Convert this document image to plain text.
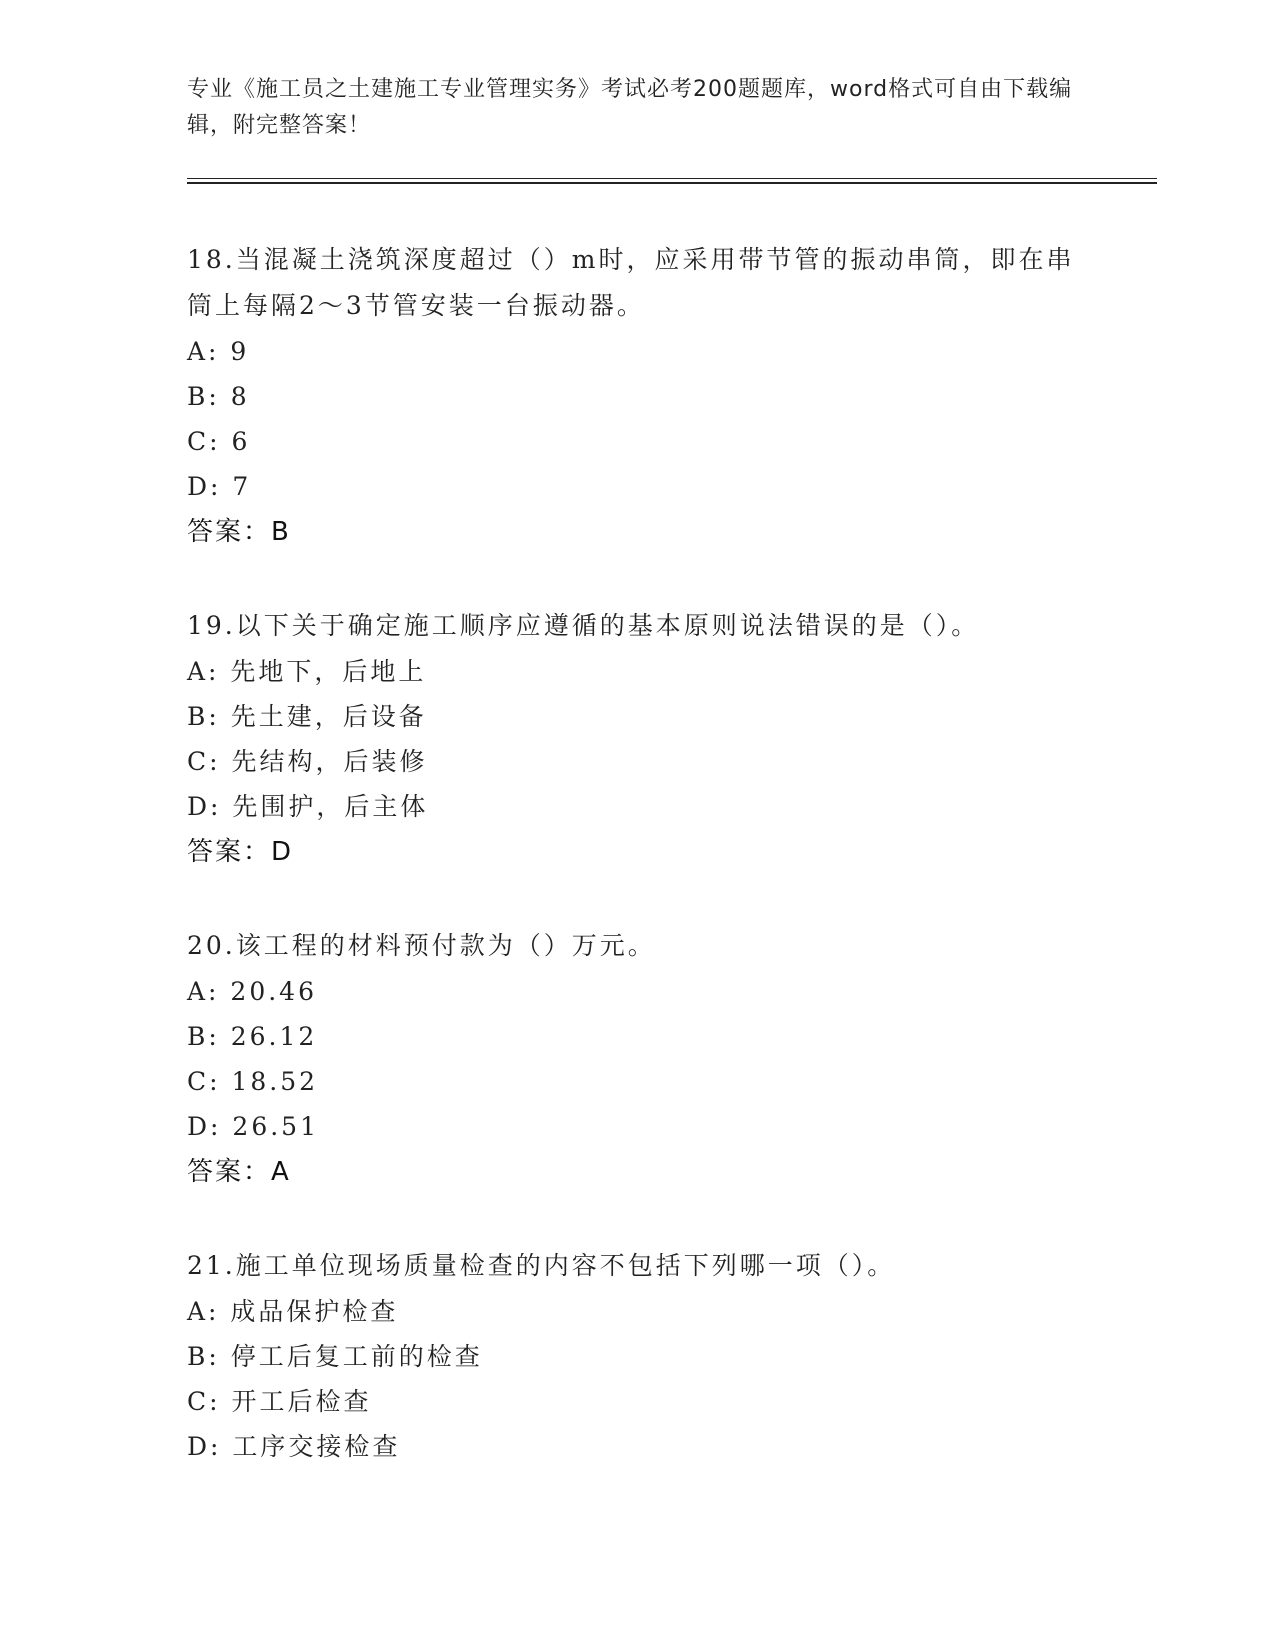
专业《施工员之土建施工专业管理实务》考试必考200题题库，word格式可自由下载编辑，附完整答案！
18.当混凝土浇筑深度超过（）m时，应采用带节管的振动串筒，即在串筒上每隔2～3节管安装一台振动器。
A: 9
B: 8
C: 6
D: 7
答案：B
19.以下关于确定施工顺序应遵循的基本原则说法错误的是（）。
A: 先地下，后地上
B: 先土建，后设备
C: 先结构，后装修
D: 先围护，后主体
答案：D
20.该工程的材料预付款为（）万元。
A: 20.46
B: 26.12
C: 18.52
D: 26.51
答案：A
21.施工单位现场质量检查的内容不包括下列哪一项（）。
A: 成品保护检查
B: 停工后复工前的检查
C: 开工后检查
D: 工序交接检查
